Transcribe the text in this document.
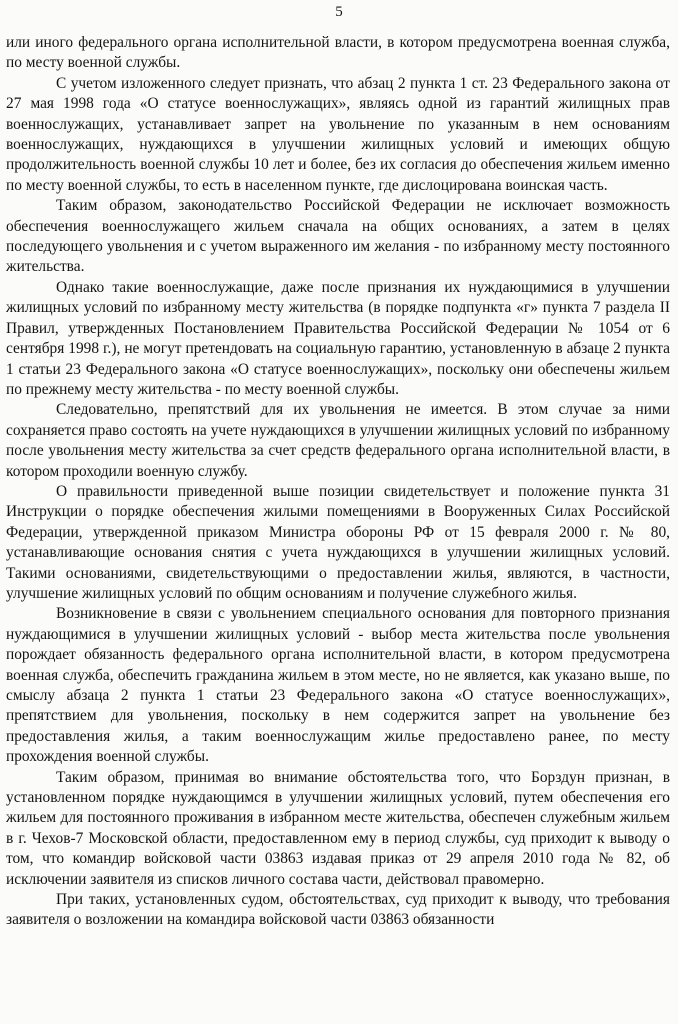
5

или иного федерального органа исполнительной власти, в котором предусмотрена военная служба, по месту военной службы.

С учетом изложенного следует признать, что абзац 2 пункта 1 ст. 23 Федерального закона от 27 мая 1998 года «О статусе военнослужащих», являясь одной из гарантий жилищных прав военнослужащих, устанавливает запрет на увольнение по указанным в нем основаниям военнослужащих, нуждающихся в улучшении жилищных условий и имеющих общую продолжительность военной службы 10 лет и более, без их согласия до обеспечения жильем именно по месту военной службы, то есть в населенном пункте, где дислоцирована воинская часть.

Таким образом, законодательство Российской Федерации не исключает возможность обеспечения военнослужащего жильем сначала на общих основаниях, а затем в целях последующего увольнения и с учетом выраженного им желания - по избранному месту постоянного жительства.

Однако такие военнослужащие, даже после признания их нуждающимися в улучшении жилищных условий по избранному месту жительства (в порядке подпункта «г» пункта 7 раздела II Правил, утвержденных Постановлением Правительства Российской Федерации № 1054 от 6 сентября 1998 г.), не могут претендовать на социальную гарантию, установленную в абзаце 2 пункта 1 статьи 23 Федерального закона «О статусе военнослужащих», поскольку они обеспечены жильем по прежнему месту жительства - по месту военной службы.

Следовательно, препятствий для их увольнения не имеется. В этом случае за ними сохраняется право состоять на учете нуждающихся в улучшении жилищных условий по избранному после увольнения месту жительства за счет средств федерального органа исполнительной власти, в котором проходили военную службу.

О правильности приведенной выше позиции свидетельствует и положение пункта 31 Инструкции о порядке обеспечения жилыми помещениями в Вооруженных Силах Российской Федерации, утвержденной приказом Министра обороны РФ от 15 февраля 2000 г. № 80, устанавливающие основания снятия с учета нуждающихся в улучшении жилищных условий. Такими основаниями, свидетельствующими о предоставлении жилья, являются, в частности, улучшение жилищных условий по общим основаниям и получение служебного жилья.

Возникновение в связи с увольнением специального основания для повторного признания нуждающимися в улучшении жилищных условий - выбор места жительства после увольнения порождает обязанность федерального органа исполнительной власти, в котором предусмотрена военная служба, обеспечить гражданина жильем в этом месте, но не является, как указано выше, по смыслу абзаца 2 пункта 1 статьи 23 Федерального закона «О статусе военнослужащих», препятствием для увольнения, поскольку в нем содержится запрет на увольнение без предоставления жилья, а таким военнослужащим жилье предоставлено ранее, по месту прохождения военной службы.

Таким образом, принимая во внимание обстоятельства того, что Борздун признан, в установленном порядке нуждающимся в улучшении жилищных условий, путем обеспечения его жильем для постоянного проживания в избранном месте жительства, обеспечен служебным жильем в г. Чехов-7 Московской области, предоставленном ему в период службы, суд приходит к выводу о том, что командир войсковой части 03863 издавая приказ от 29 апреля 2010 года № 82, об исключении заявителя из списков личного состава части, действовал правомерно.

При таких, установленных судом, обстоятельствах, суд приходит к выводу, что требования заявителя о возложении на командира войсковой части 03863 обязанности
